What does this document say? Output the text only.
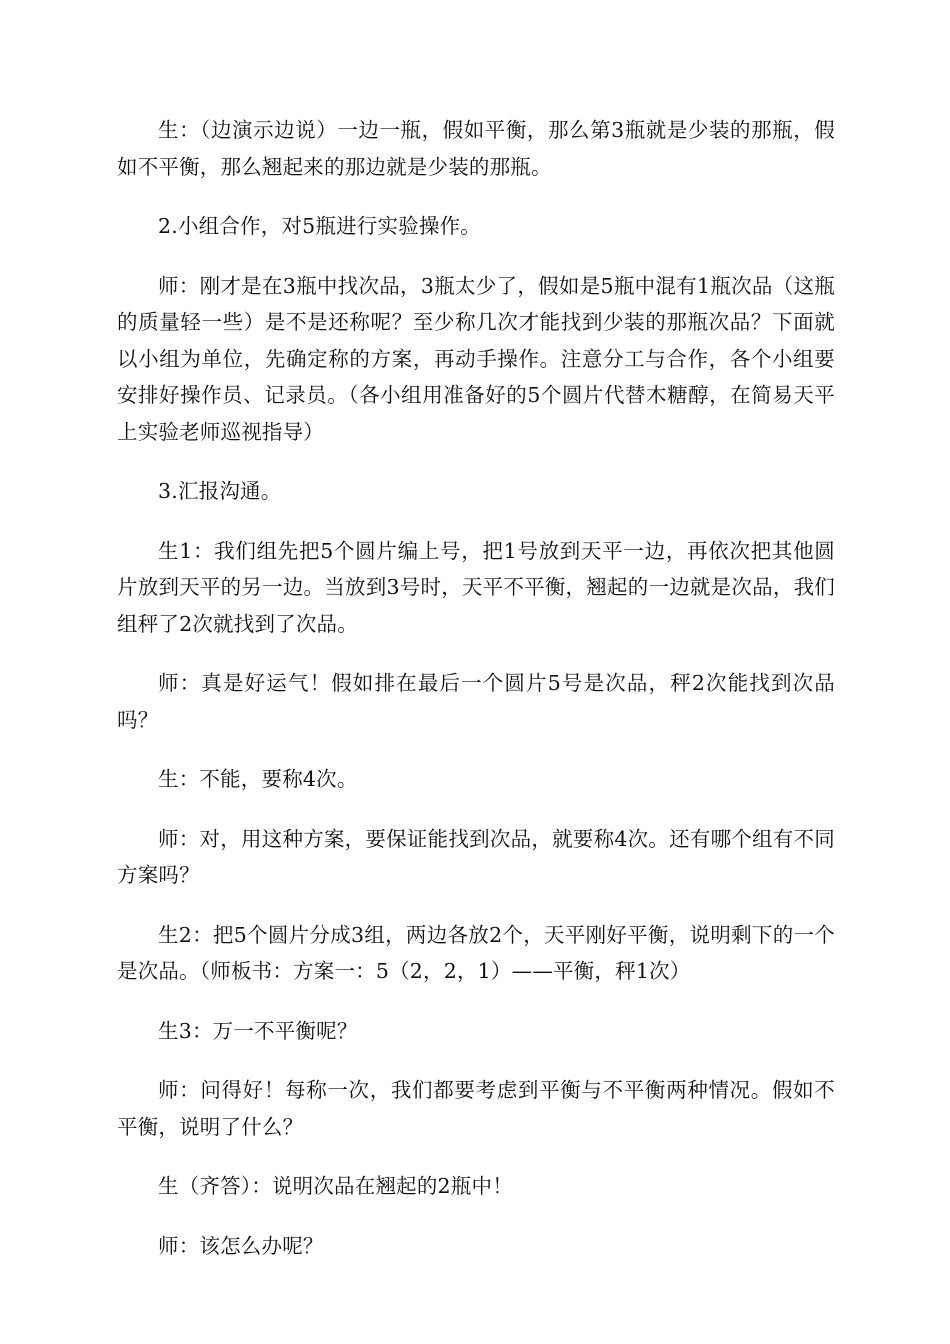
生：（边演示边说）一边一瓶，假如平衡，那么第3瓶就是少装的那瓶，假如不平衡，那么翘起来的那边就是少装的那瓶。

2.小组合作，对5瓶进行实验操作。

师：刚才是在3瓶中找次品，3瓶太少了，假如是5瓶中混有1瓶次品（这瓶的质量轻一些）是不是还称呢？至少称几次才能找到少装的那瓶次品？下面就以小组为单位，先确定称的方案，再动手操作。注意分工与合作，各个小组要安排好操作员、记录员。（各小组用准备好的5个圆片代替木糖醇，在简易天平上实验老师巡视指导）

3.汇报沟通。

生1：我们组先把5个圆片编上号，把1号放到天平一边，再依次把其他圆片放到天平的另一边。当放到3号时，天平不平衡，翘起的一边就是次品，我们组秤了2次就找到了次品。

师：真是好运气！假如排在最后一个圆片5号是次品，秤2次能找到次品吗？

生：不能，要称4次。

师：对，用这种方案，要保证能找到次品，就要称4次。还有哪个组有不同方案吗？

生2：把5个圆片分成3组，两边各放2个，天平刚好平衡，说明剩下的一个是次品。（师板书：方案一：5（2，2，1）——平衡，秤1次）

生3：万一不平衡呢？

师：问得好！每称一次，我们都要考虑到平衡与不平衡两种情况。假如不平衡，说明了什么？

生（齐答）：说明次品在翘起的2瓶中！

师：该怎么办呢？
